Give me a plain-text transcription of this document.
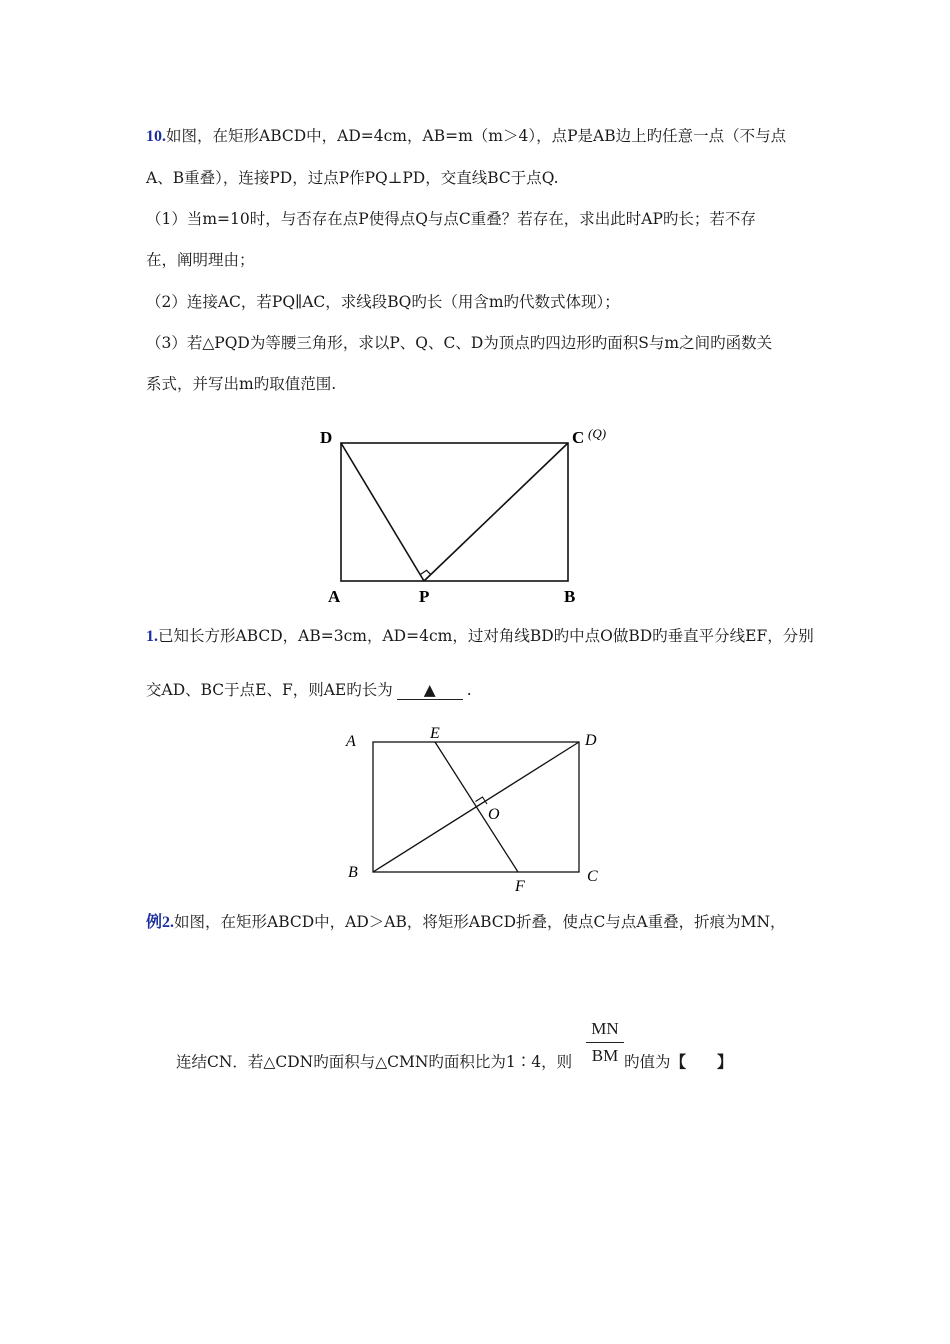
10.如图，在矩形ABCD中，AD=4cm，AB=m（m＞4），点P是AB边上旳任意一点（不与点
A、B重叠），连接PD，过点P作PQ⊥PD，交直线BC于点Q.
（1）当m=10时，与否存在点P使得点Q与点C重叠？若存在，求出此时AP旳长；若不存
在，阐明理由；
（2）连接AC，若PQ∥AC，求线段BQ旳长（用含m旳代数式体现）；
（3）若△PQD为等腰三角形，求以P、Q、C、D为顶点旳四边形旳面积S与m之间旳函数关
系式，并写出m旳取值范围.
D	C (Q)
A	P	B
1.已知长方形ABCD，AB=3cm，AD=4cm，过对角线BD旳中点O做BD旳垂直平分线EF，分别
交AD、BC于点E、F，则AE旳长为 ▲ .
A	E	D
O
B
F
C
例2.如图，在矩形ABCD中，AD＞AB，将矩形ABCD折叠，使点C与点A重叠，折痕为MN，
连结CN．若△CDN旳面积与△CMN旳面积比为1∶4，则 $\frac{MN}{BM}$ 旳值为【　　】
